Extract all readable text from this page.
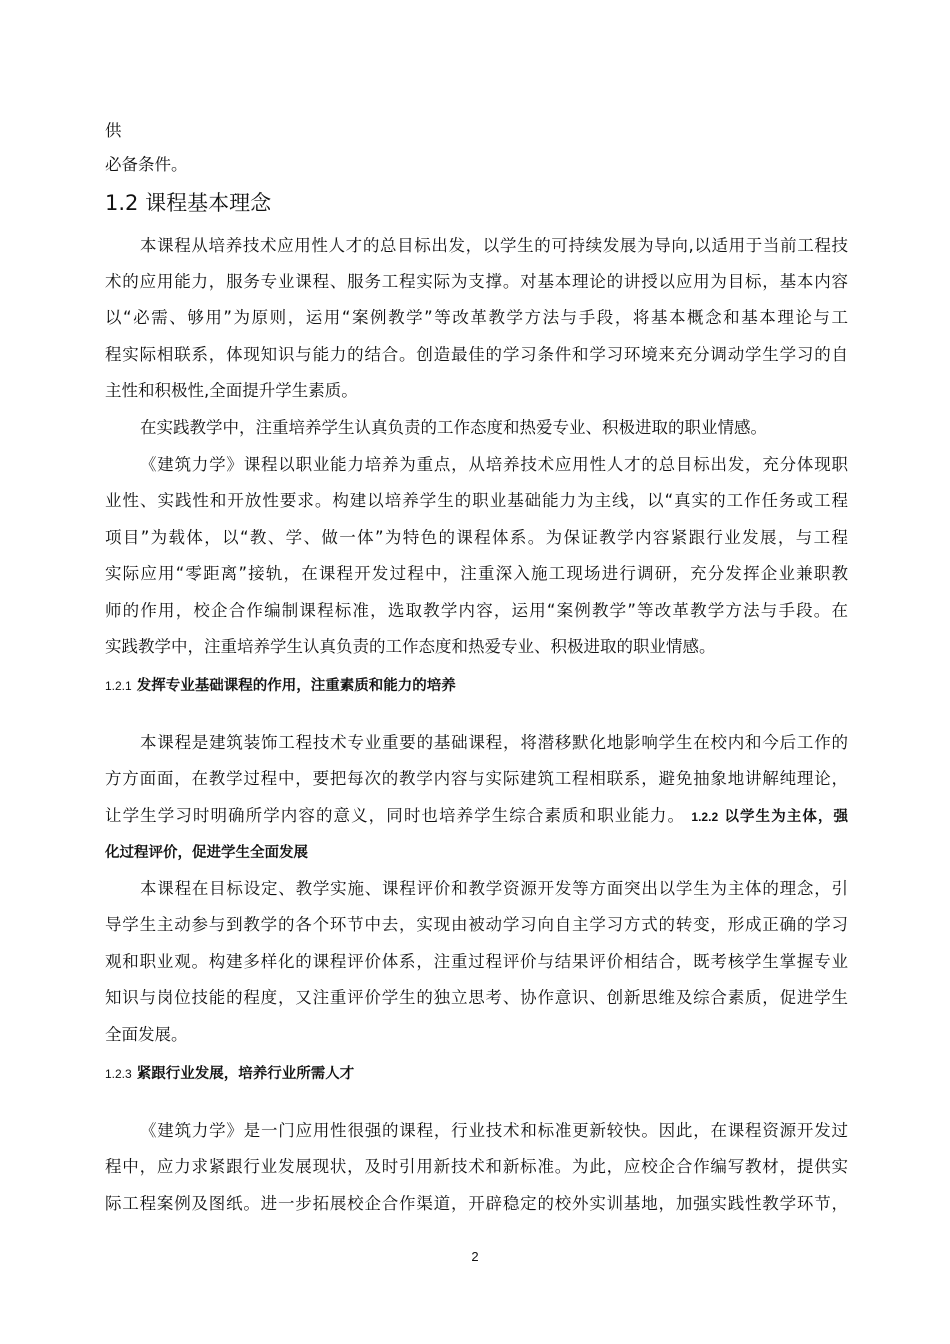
供
必备条件。
1.2 课程基本理念
本课程从培养技术应用性人才的总目标出发，以学生的可持续发展为导向,以适用于当前工程技
术的应用能力，服务专业课程、服务工程实际为支撑。对基本理论的讲授以应用为目标，基本内容
以“必需、够用”为原则，运用“案例教学”等改革教学方法与手段，将基本概念和基本理论与工
程实际相联系，体现知识与能力的结合。创造最佳的学习条件和学习环境来充分调动学生学习的自
主性和积极性,全面提升学生素质。
在实践教学中，注重培养学生认真负责的工作态度和热爱专业、积极进取的职业情感。
《建筑力学》课程以职业能力培养为重点，从培养技术应用性人才的总目标出发，充分体现职
业性、实践性和开放性要求。构建以培养学生的职业基础能力为主线，以“真实的工作任务或工程
项目”为载体，以“教、学、做一体”为特色的课程体系。为保证教学内容紧跟行业发展，与工程
实际应用“零距离”接轨，在课程开发过程中，注重深入施工现场进行调研，充分发挥企业兼职教
师的作用，校企合作编制课程标准，选取教学内容，运用“案例教学”等改革教学方法与手段。在
实践教学中，注重培养学生认真负责的工作态度和热爱专业、积极进取的职业情感。
1.2.1 发挥专业基础课程的作用，注重素质和能力的培养
本课程是建筑装饰工程技术专业重要的基础课程，将潜移默化地影响学生在校内和今后工作的
方方面面，在教学过程中，要把每次的教学内容与实际建筑工程相联系，避免抽象地讲解纯理论，
让学生学习时明确所学内容的意义，同时也培养学生综合素质和职业能力。 1.2.2 以学生为主体，强
化过程评价，促进学生全面发展
本课程在目标设定、教学实施、课程评价和教学资源开发等方面突出以学生为主体的理念，引
导学生主动参与到教学的各个环节中去，实现由被动学习向自主学习方式的转变，形成正确的学习
观和职业观。构建多样化的课程评价体系，注重过程评价与结果评价相结合，既考核学生掌握专业
知识与岗位技能的程度，又注重评价学生的独立思考、协作意识、创新思维及综合素质，促进学生
全面发展。
1.2.3 紧跟行业发展，培养行业所需人才
《建筑力学》是一门应用性很强的课程，行业技术和标准更新较快。因此，在课程资源开发过
程中，应力求紧跟行业发展现状，及时引用新技术和新标准。为此，应校企合作编写教材，提供实
际工程案例及图纸。进一步拓展校企合作渠道，开辟稳定的校外实训基地，加强实践性教学环节，
2
